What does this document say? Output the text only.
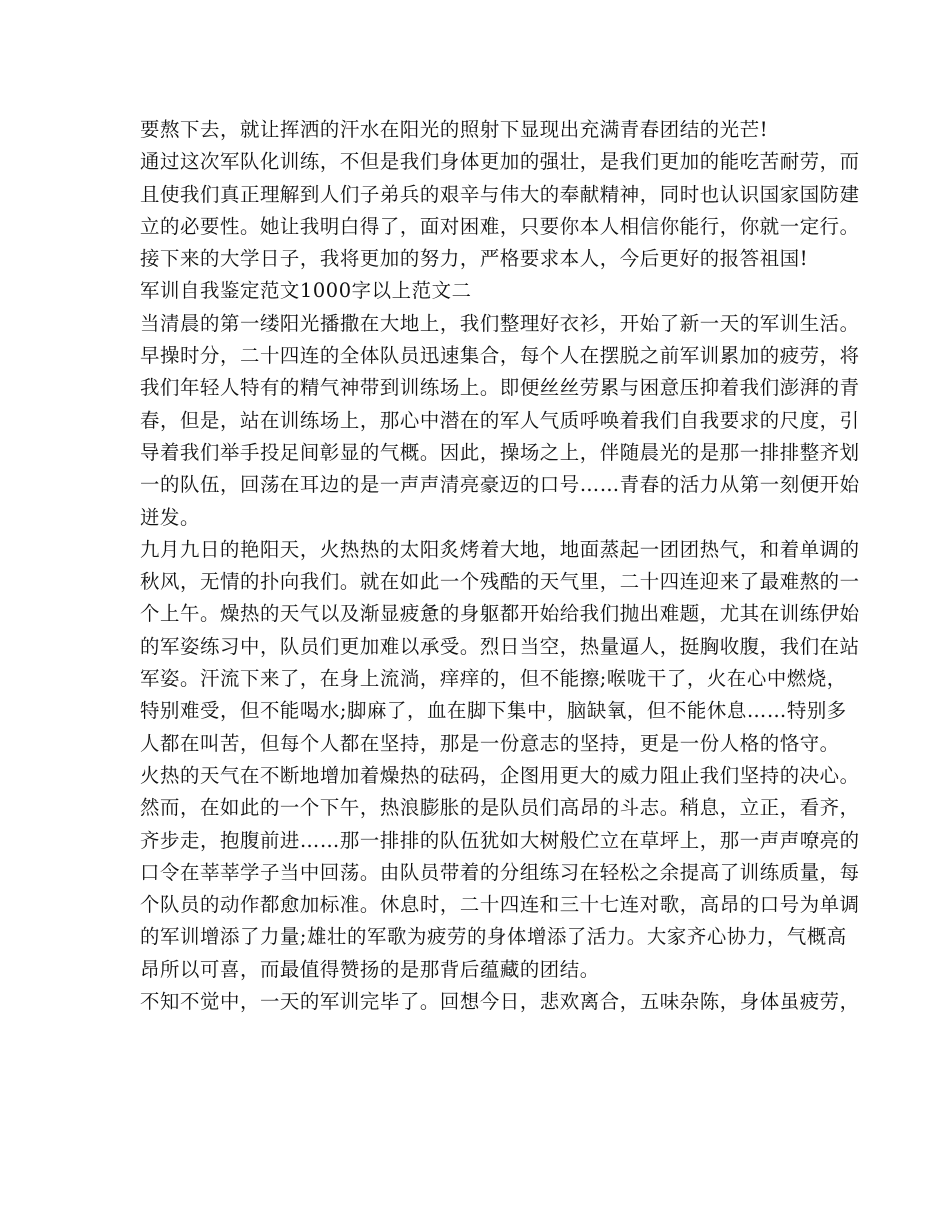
要熬下去，就让挥洒的汗水在阳光的照射下显现出充满青春团结的光芒!
通过这次军队化训练，不但是我们身体更加的强壮，是我们更加的能吃苦耐劳，而
且使我们真正理解到人们子弟兵的艰辛与伟大的奉献精神，同时也认识国家国防建
立的必要性。她让我明白得了，面对困难，只要你本人相信你能行，你就一定行。
接下来的大学日子，我将更加的努力，严格要求本人，今后更好的报答祖国!
军训自我鉴定范文1000字以上范文二
当清晨的第一缕阳光播撒在大地上，我们整理好衣衫，开始了新一天的军训生活。
早操时分，二十四连的全体队员迅速集合，每个人在摆脱之前军训累加的疲劳，将
我们年轻人特有的精气神带到训练场上。即便丝丝劳累与困意压抑着我们澎湃的青
春，但是，站在训练场上，那心中潜在的军人气质呼唤着我们自我要求的尺度，引
导着我们举手投足间彰显的气概。因此，操场之上，伴随晨光的是那一排排整齐划
一的队伍，回荡在耳边的是一声声清亮豪迈的口号……青春的活力从第一刻便开始
迸发。
九月九日的艳阳天，火热热的太阳炙烤着大地，地面蒸起一团团热气，和着单调的
秋风，无情的扑向我们。就在如此一个残酷的天气里，二十四连迎来了最难熬的一
个上午。燥热的天气以及渐显疲惫的身躯都开始给我们抛出难题，尤其在训练伊始
的军姿练习中，队员们更加难以承受。烈日当空，热量逼人，挺胸收腹，我们在站
军姿。汗流下来了，在身上流淌，痒痒的，但不能擦;喉咙干了，火在心中燃烧，
特别难受，但不能喝水;脚麻了，血在脚下集中，脑缺氧，但不能休息……特别多
人都在叫苦，但每个人都在坚持，那是一份意志的坚持，更是一份人格的恪守。
火热的天气在不断地增加着燥热的砝码，企图用更大的威力阻止我们坚持的决心。
然而，在如此的一个下午，热浪膨胀的是队员们高昂的斗志。稍息，立正，看齐，
齐步走，抱腹前进……那一排排的队伍犹如大树般伫立在草坪上，那一声声嘹亮的
口令在莘莘学子当中回荡。由队员带着的分组练习在轻松之余提高了训练质量，每
个队员的动作都愈加标准。休息时，二十四连和三十七连对歌，高昂的口号为单调
的军训增添了力量;雄壮的军歌为疲劳的身体增添了活力。大家齐心协力，气概高
昂所以可喜，而最值得赞扬的是那背后蕴藏的团结。
不知不觉中，一天的军训完毕了。回想今日，悲欢离合，五味杂陈，身体虽疲劳，
